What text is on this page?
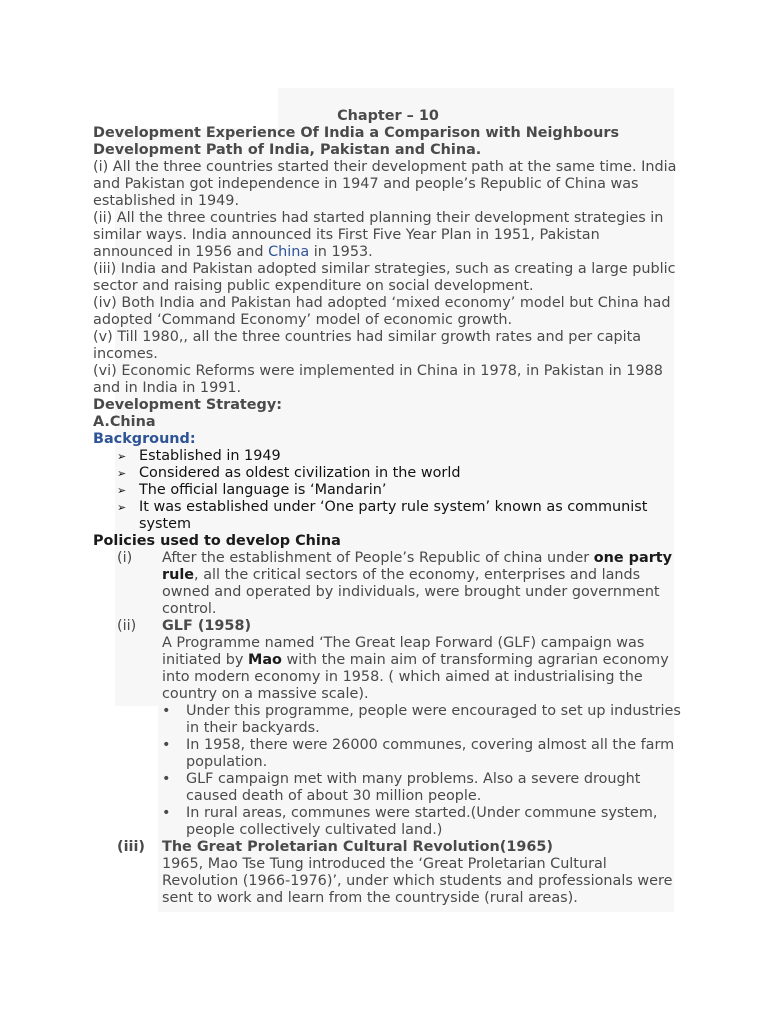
Chapter – 10
Development Experience Of India a Comparison with Neighbours
Development Path of India, Pakistan and China.

(i) All the three countries started their development path at the same time. India and Pakistan got independence in 1947 and people’s Republic of China was established in 1949.

(ii) All the three countries had started planning their development strategies in similar ways. India announced its First Five Year Plan in 1951, Pakistan announced in 1956 and China in 1953.

(iii) India and Pakistan adopted similar strategies, such as creating a large public sector and raising public expenditure on social development.

(iv) Both India and Pakistan had adopted ‘mixed economy’ model but China had adopted ‘Command Economy’ model of economic growth.

(v) Till 1980,, all the three countries had similar growth rates and per capita incomes.

(vi) Economic Reforms were implemented in China in 1978, in Pakistan in 1988 and in India in 1991.

Development Strategy:
A.China
Background:
➢ Established in 1949
➢ Considered as oldest civilization in the world
➢ The official language is ‘Mandarin’
➢ It was established under ‘One party rule system’ known as communist system
Policies used to develop China
(i) After the establishment of People’s Republic of china under one party rule, all the critical sectors of the economy, enterprises and lands owned and operated by individuals, were brought under government control.
(ii) GLF (1958)
A Programme named ‘The Great leap Forward (GLF) campaign was initiated by Mao with the main aim of transforming agrarian economy into modern economy in 1958. ( which aimed at industrialising the country on a massive scale).
• Under this programme, people were encouraged to set up industries in their backyards.
• In 1958, there were 26000 communes, covering almost all the farm population.
• GLF campaign met with many problems. Also a severe drought caused death of about 30 million people.
• In rural areas, communes were started.(Under commune system, people collectively cultivated land.)
(iii) The Great Proletarian Cultural Revolution(1965)
1965, Mao Tse Tung introduced the ‘Great Proletarian Cultural Revolution (1966-1976)’, under which students and professionals were sent to work and learn from the countryside (rural areas).
